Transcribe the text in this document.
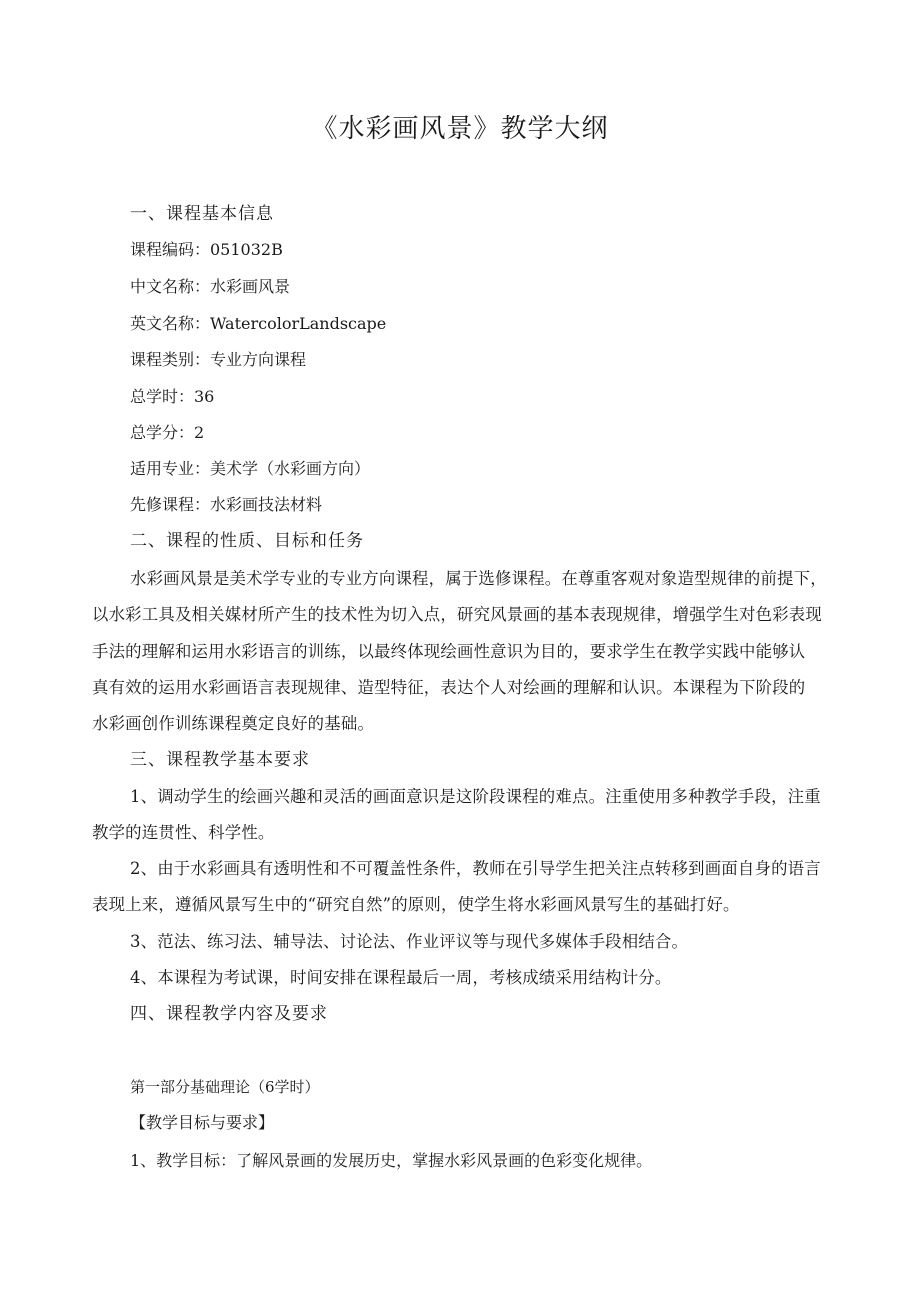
《水彩画风景》教学大纲
一、课程基本信息
课程编码：051032B
中文名称：水彩画风景
英文名称：WatercolorLandscape
课程类别：专业方向课程
总学时：36
总学分：2
适用专业：美术学（水彩画方向）
先修课程：水彩画技法材料
二、课程的性质、目标和任务
水彩画风景是美术学专业的专业方向课程，属于选修课程。在尊重客观对象造型规律的前提下，
以水彩工具及相关媒材所产生的技术性为切入点，研究风景画的基本表现规律，增强学生对色彩表现
手法的理解和运用水彩语言的训练，以最终体现绘画性意识为目的，要求学生在教学实践中能够认
真有效的运用水彩画语言表现规律、造型特征，表达个人对绘画的理解和认识。本课程为下阶段的
水彩画创作训练课程奠定良好的基础。
三、课程教学基本要求
1、调动学生的绘画兴趣和灵活的画面意识是这阶段课程的难点。注重使用多种教学手段，注重
教学的连贯性、科学性。
2、由于水彩画具有透明性和不可覆盖性条件，教师在引导学生把关注点转移到画面自身的语言
表现上来，遵循风景写生中的“研究自然”的原则，使学生将水彩画风景写生的基础打好。
3、范法、练习法、辅导法、讨论法、作业评议等与现代多媒体手段相结合。
4、本课程为考试课，时间安排在课程最后一周，考核成绩采用结构计分。
四、课程教学内容及要求
第一部分基础理论（6学时）
【教学目标与要求】
1、教学目标：了解风景画的发展历史，掌握水彩风景画的色彩变化规律。
